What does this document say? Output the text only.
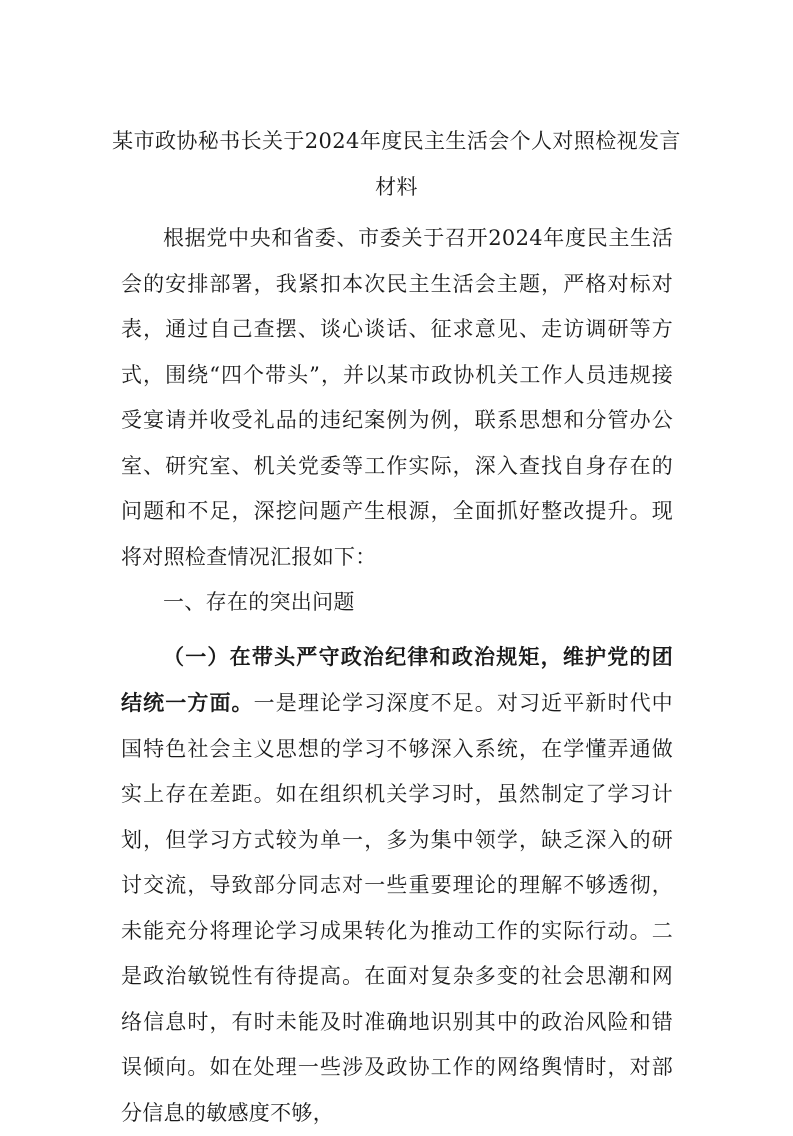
某市政协秘书长关于2024年度民主生活会个人对照检视发言材料

根据党中央和省委、市委关于召开2024年度民主生活会的安排部署，我紧扣本次民主生活会主题，严格对标对表，通过自己查摆、谈心谈话、征求意见、走访调研等方式，围绕“四个带头”，并以某市政协机关工作人员违规接受宴请并收受礼品的违纪案例为例，联系思想和分管办公室、研究室、机关党委等工作实际，深入查找自身存在的问题和不足，深挖问题产生根源，全面抓好整改提升。现将对照检查情况汇报如下：

一、存在的突出问题

（一）在带头严守政治纪律和政治规矩，维护党的团结统一方面。一是理论学习深度不足。对习近平新时代中国特色社会主义思想的学习不够深入系统，在学懂弄通做实上存在差距。如在组织机关学习时，虽然制定了学习计划，但学习方式较为单一，多为集中领学，缺乏深入的研讨交流，导致部分同志对一些重要理论的理解不够透彻，未能充分将理论学习成果转化为推动工作的实际行动。二是政治敏锐性有待提高。在面对复杂多变的社会思潮和网络信息时，有时未能及时准确地识别其中的政治风险和错误倾向。如在处理一些涉及政协工作的网络舆情时，对部分信息的敏感度不够，
